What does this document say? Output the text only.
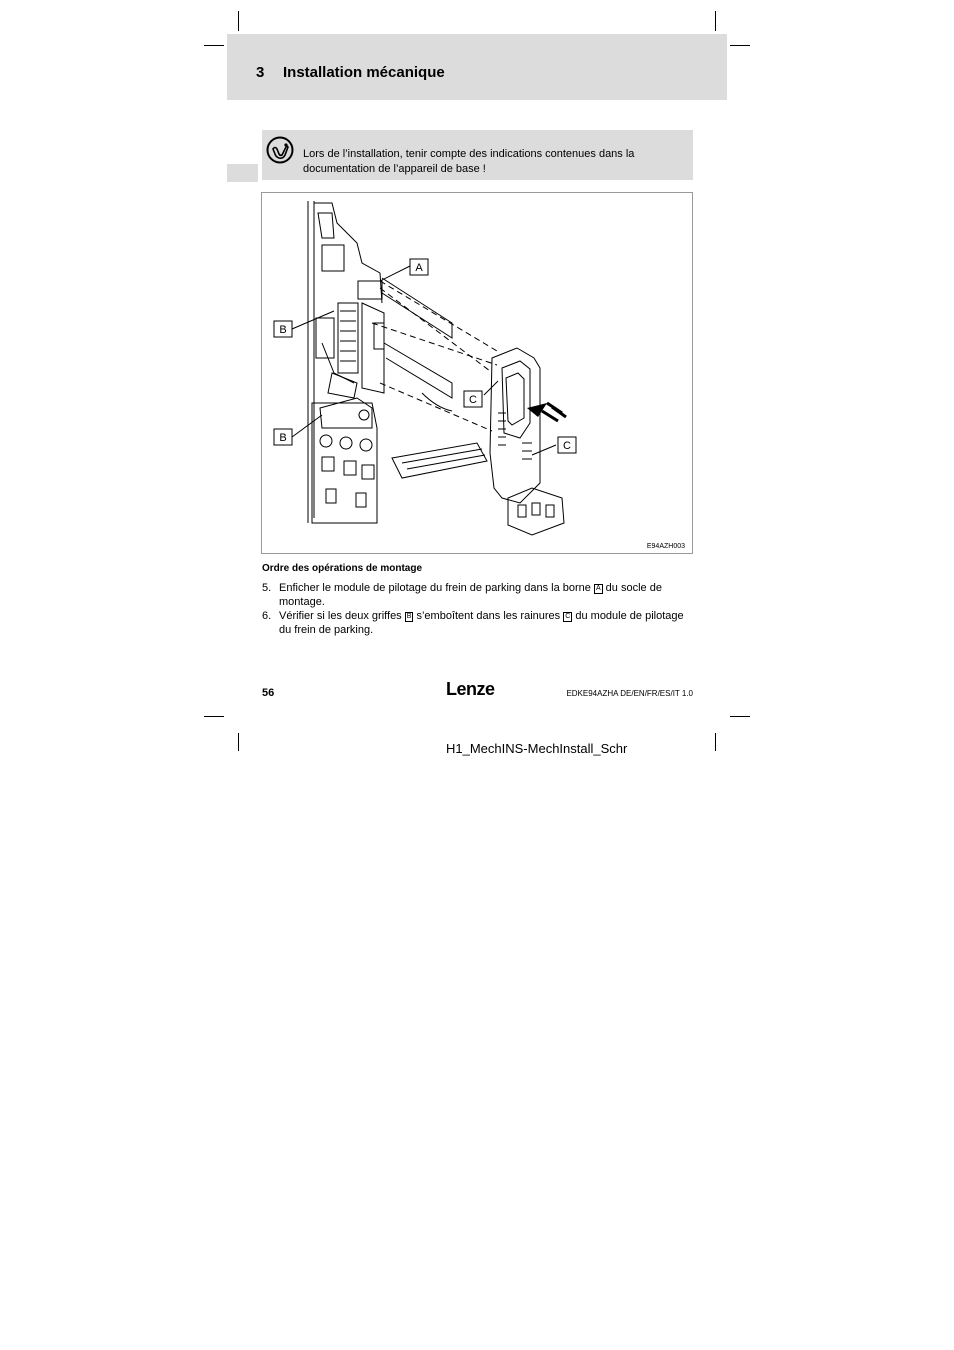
3 Installation mécanique
Lors de l’installation, tenir compte des indications contenues dans la
documentation de l’appareil de base !
A
B
B
C
C
E94AZH003
Ordre des opérations de montage
5. Enficher le module de pilotage du frein de parking dans la borne A du socle de montage.
6. Vérifier si les deux griffes B s’emboîtent dans les rainures C du module de pilotage du frein de parking.
56	Lenze	EDKE94AZHA DE/EN/FR/ES/IT 1.0
H1_MechINS-MechInstall_Schr
